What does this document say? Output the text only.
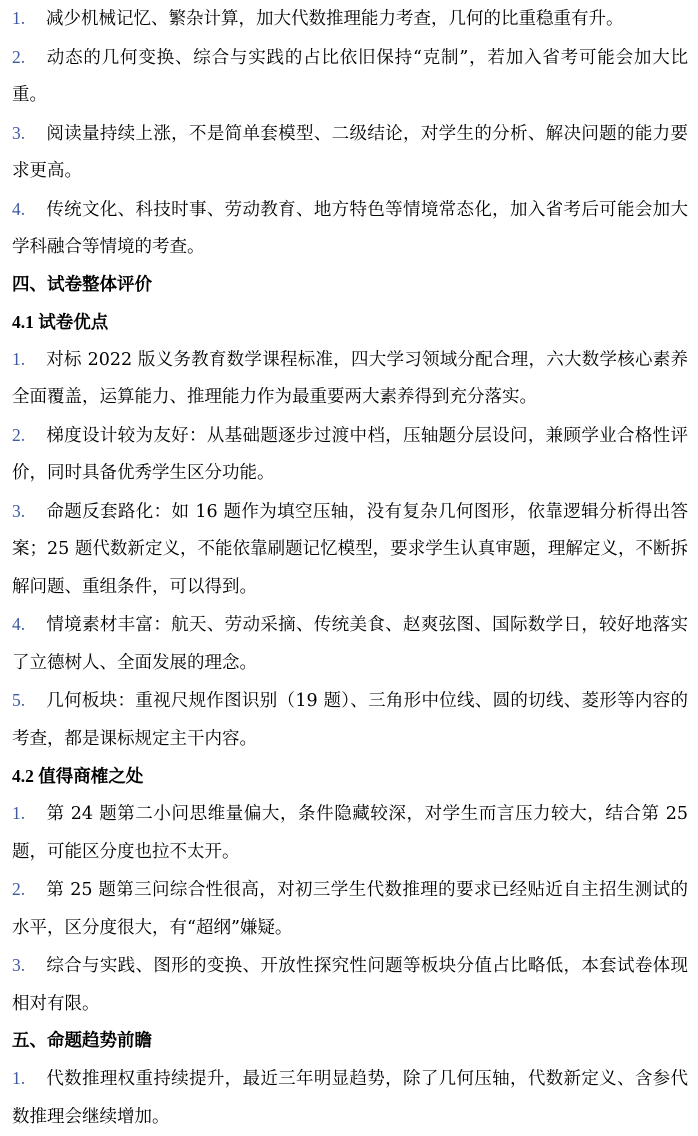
1. 减少机械记忆、繁杂计算，加大代数推理能力考查，几何的比重稳重有升。
2. 动态的几何变换、综合与实践的占比依旧保持“克制”，若加入省考可能会加大比重。
3. 阅读量持续上涨，不是简单套模型、二级结论，对学生的分析、解决问题的能力要求更高。
4. 传统文化、科技时事、劳动教育、地方特色等情境常态化，加入省考后可能会加大学科融合等情境的考查。
四、试卷整体评价
4.1 试卷优点
1. 对标 2022 版义务教育数学课程标准，四大学习领域分配合理，六大数学核心素养全面覆盖，运算能力、推理能力作为最重要两大素养得到充分落实。
2. 梯度设计较为友好：从基础题逐步过渡中档，压轴题分层设问，兼顾学业合格性评价，同时具备优秀学生区分功能。
3. 命题反套路化：如 16 题作为填空压轴，没有复杂几何图形，依靠逻辑分析得出答案；25 题代数新定义，不能依靠刷题记忆模型，要求学生认真审题，理解定义，不断拆解问题、重组条件，可以得到。
4. 情境素材丰富：航天、劳动采摘、传统美食、赵爽弦图、国际数学日，较好地落实了立德树人、全面发展的理念。
5. 几何板块：重视尺规作图识别（19 题）、三角形中位线、圆的切线、菱形等内容的考查，都是课标规定主干内容。
4.2 值得商榷之处
1. 第 24 题第二小问思维量偏大，条件隐藏较深，对学生而言压力较大，结合第 25 题，可能区分度也拉不太开。
2. 第 25 题第三问综合性很高，对初三学生代数推理的要求已经贴近自主招生测试的水平，区分度很大，有“超纲”嫌疑。
3. 综合与实践、图形的变换、开放性探究性问题等板块分值占比略低，本套试卷体现相对有限。
五、命题趋势前瞻
1. 代数推理权重持续提升，最近三年明显趋势，除了几何压轴，代数新定义、含参代数推理会继续增加。
